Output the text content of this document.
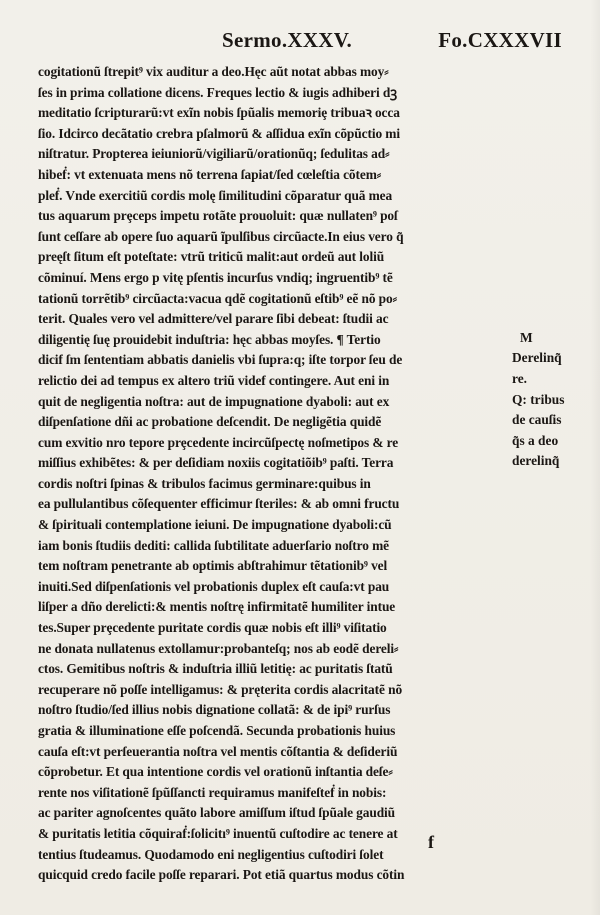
Sermo.XXXV.	Fo.CXXXVII
cogitationũ ſtrepit⁹ vix auditur a deo.Hęc aũt notat abbas moy⸗
ſes in prima collatione dicens. Freques lectio & iugis adhiberi dꝫ
meditatio ſcripturarũ:vt exĩn nobis ſpũalis memoriȩ tribuaꝛ occa
ſio. Idcirco decãtatio crebra pſalmorũ & aſſidua exĩn cõpũctio mi
niſtratur. Propterea ieiuniorũ/vigiliarũ/orationũq; ſedulitas ad⸗
hibeḟ: vt extenuata mens nõ terrena ſapiat/ſed cœleſtia cõtem⸗
pleḟ. Vnde exercitiũ cordis molę ſimilitudini cõparatur quã mea
tus aquarum prȩceps impetu rotãte prouoluit: quæ nullaten⁹ poſ
ſunt ceſſare ab opere ſuo aquarũ ĩpulſibus circũacte.In eius vero q̃
preęſt ſitum eſt poteſtate: vtrũ triticũ malit:aut ordeũ aut loliũ
cõminuí. Mens ergo p vitę pſentis incurſus vndiq; ingruentib⁹ tẽ
tationũ torrẽtib⁹ circũacta:vacua qdẽ cogitationũ eſtib⁹ eẽ nõ po⸗
terit. Quales vero vel admittere/vel parare ſibi debeat: ſtudii ac
diligentię ſuę prouidebit induſtria: hęc abbas moyſes. ¶ Tertio
dicif ſm ſententiam abbatis danielis vbi ſupra:q; iſte torpor ſeu de
relictio dei ad tempus ex altero triũ videf contingere. Aut eni in
quit de negligentia noſtra: aut de impugnatione dyaboli: aut ex
diſpenſatione dñi ac probatione deſcendit. De negligẽtia quidẽ
cum exvitio nro tepore prȩcedente incircũſpectę noſmetipos & re
miſſius exhibẽtes: & per deſidiam noxiis cogitatiõib⁹ paſti. Terra
cordis noſtri ſpinas & tribulos facimus germinare:quibus in
ea pullulantibus cõſequenter efficimur ſteriles: & ab omni fructu
& ſpirituali contemplatione ieiuni. De impugnatione dyaboli:cũ
iam bonis ſtudiis dediti: callida ſubtilitate aduerſario noſtro mẽ
tem noſtram penetrante ab optimis abſtrahimur tẽtationib⁹ vel
inuiti.Sed diſpenſationis vel probationis duplex eſt cauſa:vt pau
liſper a dño derelicti:& mentis noſtrę infirmitatẽ humiliter intue
tes.Super prȩcedente puritate cordis quæ nobis eſt illi⁹ viſitatio
ne donata nullatenus extollamur:probanteſq; nos ab eodẽ dereli⸗
ctos. Gemitibus noſtris & induſtria illiũ letitię: ac puritatis ſtatũ
recuperare nõ poſſe intelligamus: & pręterita cordis alacritatẽ nõ
noſtro ſtudio/ſed illius nobis dignatione collatã: & de ipi⁹ rurſus
gratia & illuminatione eſſe poſcendã. Secunda probationis huius
cauſa eſt:vt perſeuerantia noſtra vel mentis cõſtantia & deſideriũ
cõprobetur. Et qua intentione cordis vel orationũ inſtantia deſe⸗
rente nos viſitationẽ ſpũſſancti requiramus manifeſteḟ in nobis:
ac pariter agnoſcentes quãto labore amiſſum iſtud ſpũale gaudiũ
& puritatis letitia cõquiraḟ:ſolicitı⁹ inuentũ cuſtodire ac tenere at
tentius ſtudeamus. Quodamodo eni negligentius cuſtodiri ſolet
quicquid credo facile poſſe reparari. Pot etiã quartus modus cõtin
M
Derelinq̃
re.
Q: tribus
de cauſis
q̃s a deo
derelinq̃
f
